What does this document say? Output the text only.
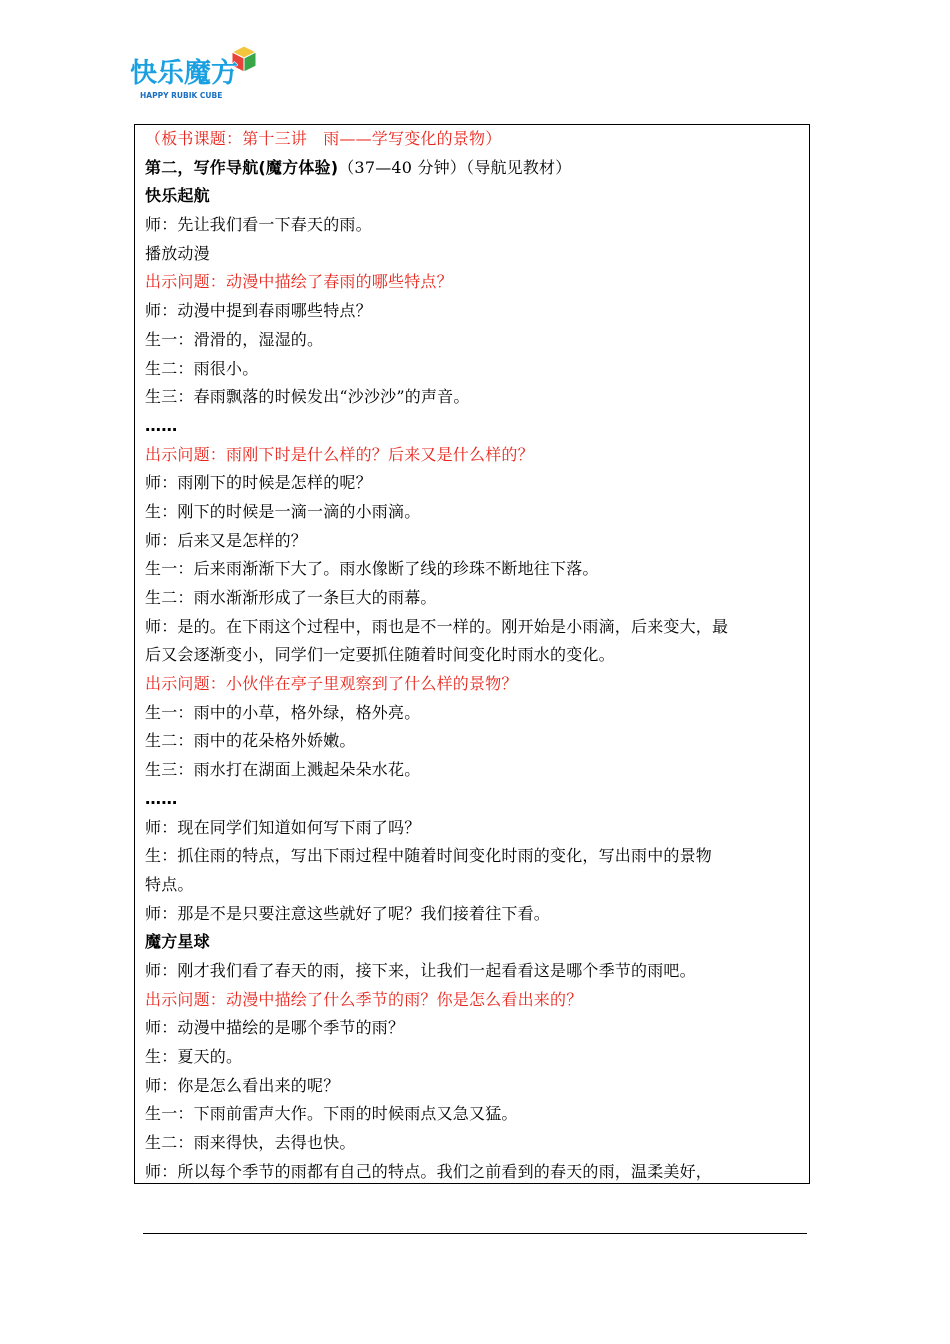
快乐魔方
HAPPY RUBIK CUBE
（板书课题：第十三讲　雨——学写变化的景物）
第二，写作导航(魔方体验)（37—40 分钟）（导航见教材）
快乐起航
师：先让我们看一下春天的雨。
播放动漫
出示问题：动漫中描绘了春雨的哪些特点？
师：动漫中提到春雨哪些特点？
生一：滑滑的，湿湿的。
生二：雨很小。
生三：春雨飘落的时候发出“沙沙沙”的声音。
……
出示问题：雨刚下时是什么样的？后来又是什么样的？
师：雨刚下的时候是怎样的呢？
生：刚下的时候是一滴一滴的小雨滴。
师：后来又是怎样的？
生一：后来雨渐渐下大了。雨水像断了线的珍珠不断地往下落。
生二：雨水渐渐形成了一条巨大的雨幕。
师：是的。在下雨这个过程中，雨也是不一样的。刚开始是小雨滴，后来变大，最
后又会逐渐变小，同学们一定要抓住随着时间变化时雨水的变化。
出示问题：小伙伴在亭子里观察到了什么样的景物？
生一：雨中的小草，格外绿，格外亮。
生二：雨中的花朵格外娇嫩。
生三：雨水打在湖面上溅起朵朵水花。
……
师：现在同学们知道如何写下雨了吗？
生：抓住雨的特点，写出下雨过程中随着时间变化时雨的变化，写出雨中的景物
特点。
师：那是不是只要注意这些就好了呢？我们接着往下看。
魔方星球
师：刚才我们看了春天的雨，接下来，让我们一起看看这是哪个季节的雨吧。
出示问题：动漫中描绘了什么季节的雨？你是怎么看出来的？
师：动漫中描绘的是哪个季节的雨？
生：夏天的。
师：你是怎么看出来的呢？
生一：下雨前雷声大作。下雨的时候雨点又急又猛。
生二：雨来得快，去得也快。
师：所以每个季节的雨都有自己的特点。我们之前看到的春天的雨，温柔美好，
